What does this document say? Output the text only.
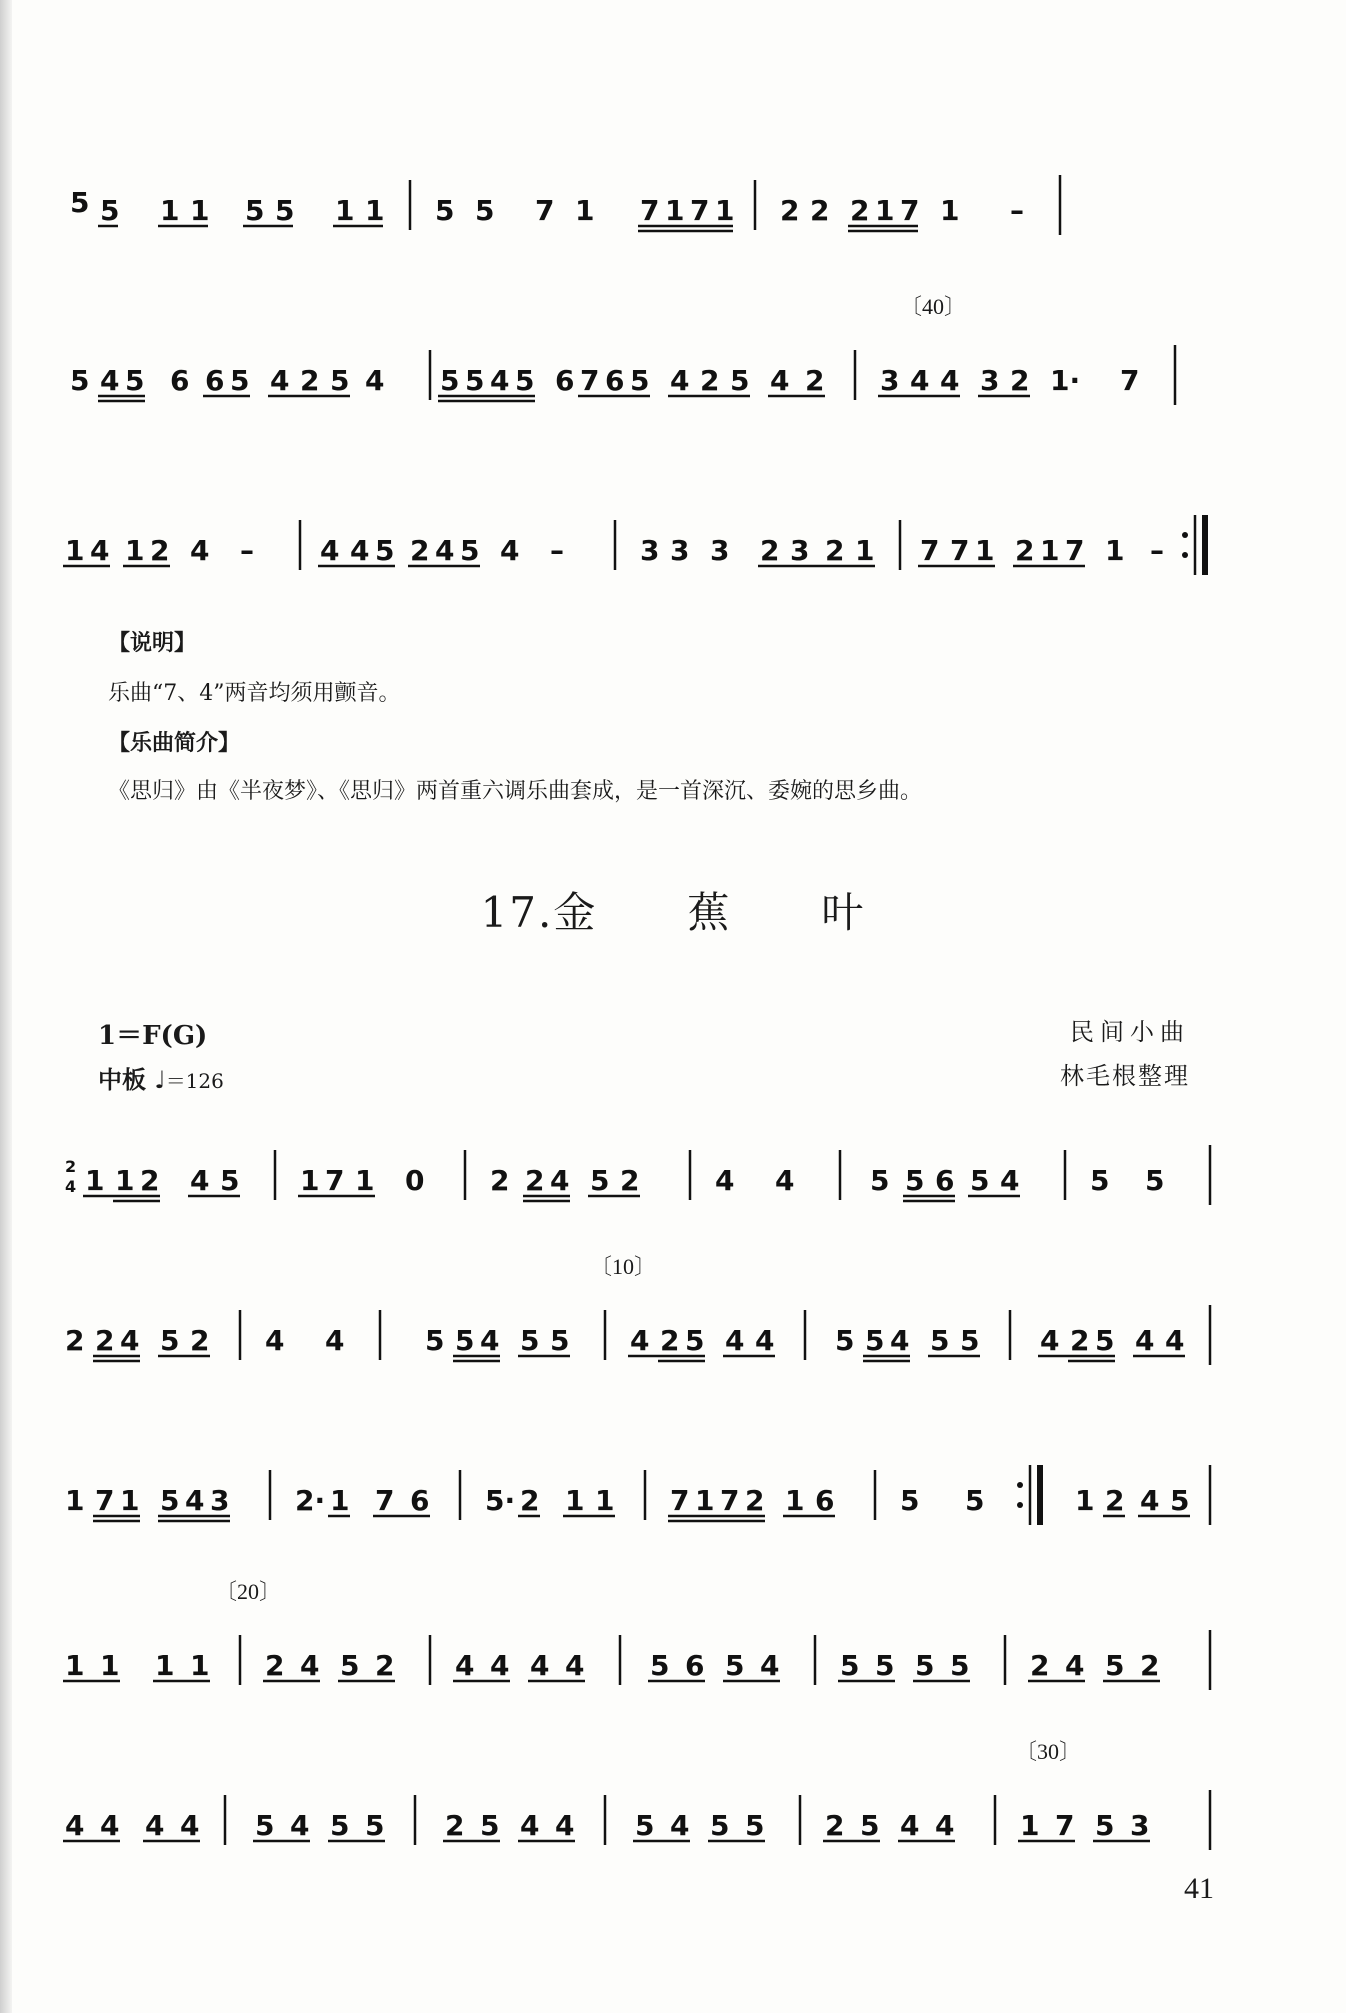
5 5 1 1 5 5 1 1 5 5 7 1 7 1 7 1 2 2 2 1 7 1 –
〔40〕
5 4 5 6 6 5 4 2 5 4 5 5 4 5 6 7 6 5 4 2 5 4 2 3 4 4 3 2 1· 7
1 4 1 2 4 – 4 4 5 2 4 5 4 –	3 3 3 2 3 2 1 7 7 1 2 1 7 1 –
【说明】
乐曲“7、4”两音均须用颤音。
【乐曲简介】
《思归》由《半夜梦》、《思归》两首重六调乐曲套成，是一首深沉、委婉的思乡曲。
17.金 蕉 叶
1＝F(G)
中板 ♩＝126
民间小曲
林毛根整理
2
4 1 1 2 4 5 1 7 1 0 2 2 4 5 2	4 4	5 5 6 5 4	5 5
〔10〕
2 2 4 5 2 4 4	5 5 4 5 5 4 2 5 4 4 5 5 4 5 5 4 2 5 4 4
1 7 1 5 4 3 2· 1 7 6 5· 2 1 1 7 1 7 2 1 6 5 5	1 2 4 5
〔20〕
1 1 1 1 2 4 5 2 4 4 4 4 5 6 5 4 5 5 5 5 2 4 5 2
〔30〕
4 4 4 4 5 4 5 5 2 5 4 4 5 4 5 5 2 5 4 4 1 7 5 3
41
